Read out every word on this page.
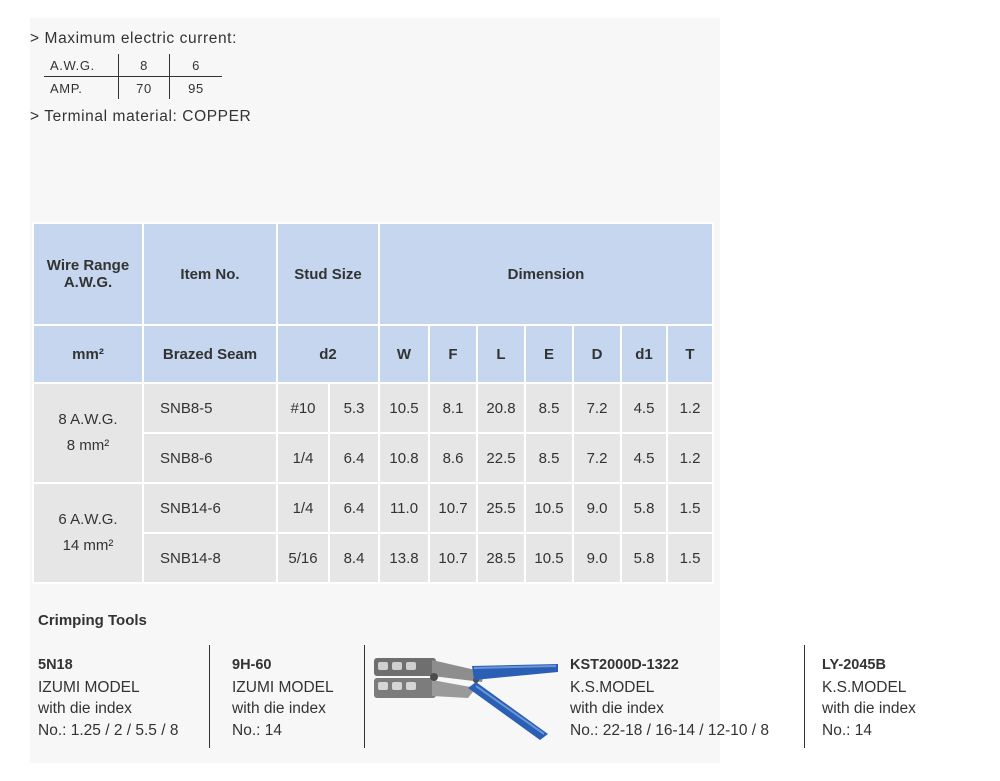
> Maximum electric current:
A.W.G.	8	6
AMP.	70	95
> Terminal material: COPPER
Wire Range
A.W.G.	Item No.	Stud Size		Dimension						
mm²	Brazed Seam	d2		W	F	L	E	D	d1	T

8 A.W.G.
8 mm²	SNB8-5	#10	5.3	10.5	8.1	20.8	8.5	7.2	4.5	1.2
	SNB8-6	1/4	6.4	10.8	8.6	22.5	8.5	7.2	4.5	1.2

6 A.W.G.
14 mm²	SNB14-6	1/4	6.4	11.0	10.7	25.5	10.5	9.0	5.8	1.5
	SNB14-8	5/16	8.4	13.8	10.7	28.5	10.5	9.0	5.8	1.5
Crimping Tools
5N18
IZUMI MODEL
with die index
No.: 1.25 / 2 / 5.5 / 8
9H-60
IZUMI MODEL
with die index
No.: 14
KST2000D-1322
K.S.MODEL
with die index
No.: 22-18 / 16-14 / 12-10 / 8
LY-2045B
K.S.MODEL
with die index
No.: 14
